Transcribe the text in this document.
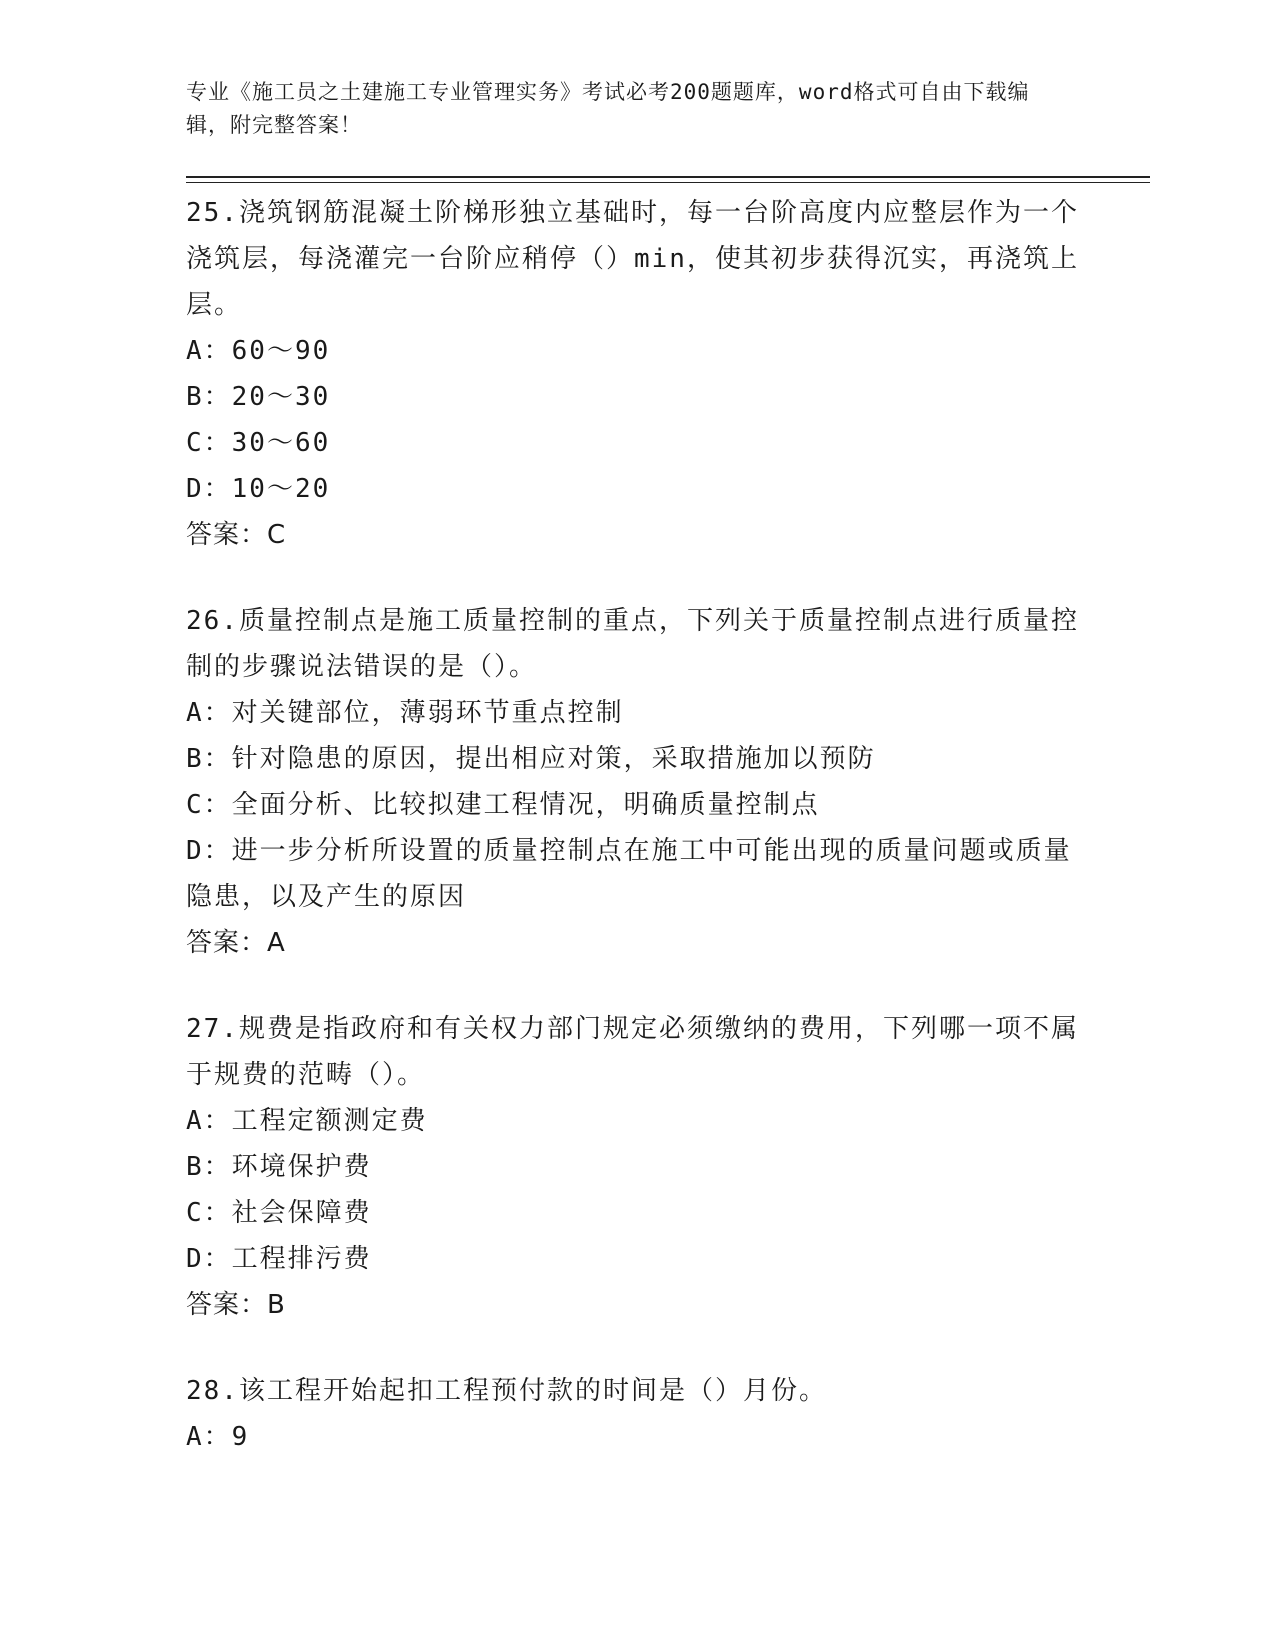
专业《施工员之土建施工专业管理实务》考试必考200题题库，word格式可自由下载编辑，附完整答案！
25.浇筑钢筋混凝土阶梯形独立基础时，每一台阶高度内应整层作为一个浇筑层，每浇灌完一台阶应稍停（）min，使其初步获得沉实，再浇筑上层。
A：60～90
B：20～30
C：30～60
D：10～20
答案：C
26.质量控制点是施工质量控制的重点，下列关于质量控制点进行质量控制的步骤说法错误的是（）。
A：对关键部位，薄弱环节重点控制
B：针对隐患的原因，提出相应对策，采取措施加以预防
C：全面分析、比较拟建工程情况，明确质量控制点
D：进一步分析所设置的质量控制点在施工中可能出现的质量问题或质量隐患，以及产生的原因
答案：A
27.规费是指政府和有关权力部门规定必须缴纳的费用，下列哪一项不属于规费的范畴（）。
A：工程定额测定费
B：环境保护费
C：社会保障费
D：工程排污费
答案：B
28.该工程开始起扣工程预付款的时间是（）月份。
A：9
